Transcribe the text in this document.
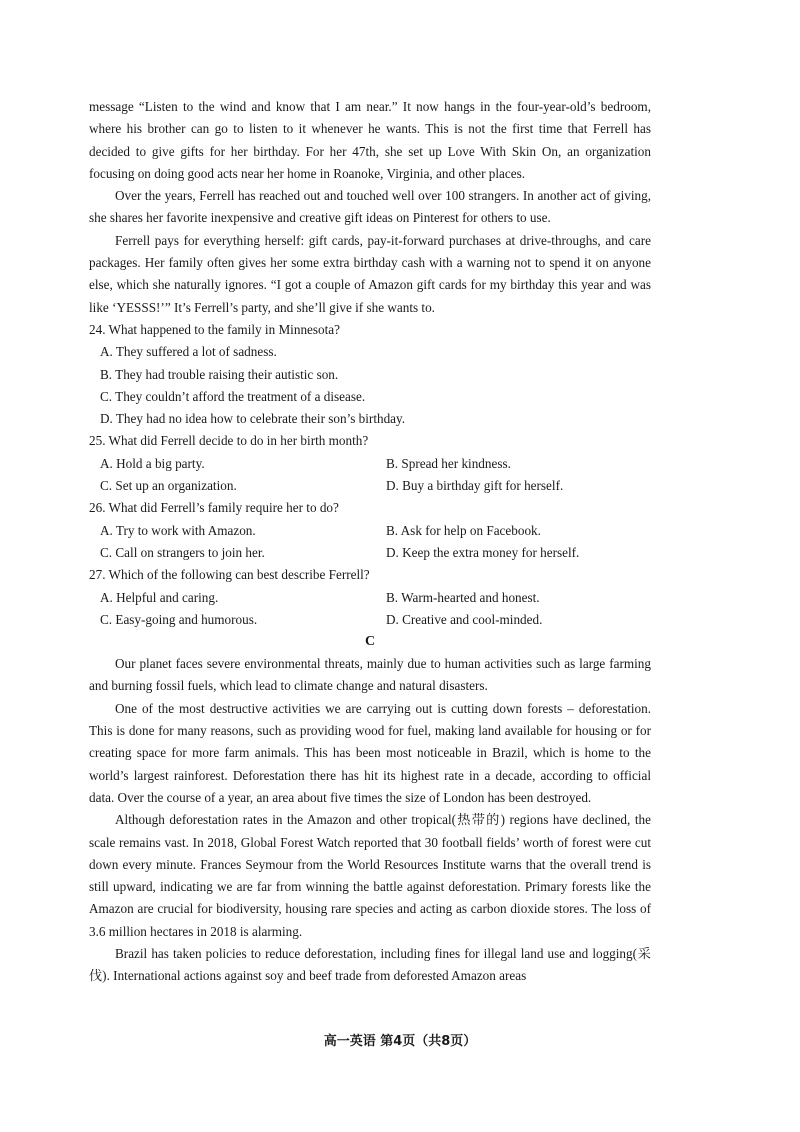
message “Listen to the wind and know that I am near.” It now hangs in the four-year-old’s bedroom, where his brother can go to listen to it whenever he wants. This is not the first time that Ferrell has decided to give gifts for her birthday. For her 47th, she set up Love With Skin On, an organization focusing on doing good acts near her home in Roanoke, Virginia, and other places.

Over the years, Ferrell has reached out and touched well over 100 strangers. In another act of giving, she shares her favorite inexpensive and creative gift ideas on Pinterest for others to use.

Ferrell pays for everything herself: gift cards, pay-it-forward purchases at drive-throughs, and care packages. Her family often gives her some extra birthday cash with a warning not to spend it on anyone else, which she naturally ignores. “I got a couple of Amazon gift cards for my birthday this year and was like ‘YESSS!’” It’s Ferrell’s party, and she’ll give if she wants to.

24. What happened to the family in Minnesota?

A. They suffered a lot of sadness.
B. They had trouble raising their autistic son.
C. They couldn’t afford the treatment of a disease.
D. They had no idea how to celebrate their son’s birthday.

25. What did Ferrell decide to do in her birth month?

A. Hold a big party.	B. Spread her kindness.
C. Set up an organization.	D. Buy a birthday gift for herself.

26. What did Ferrell’s family require her to do?

A. Try to work with Amazon.	B. Ask for help on Facebook.
C. Call on strangers to join her.	D. Keep the extra money for herself.

27. Which of the following can best describe Ferrell?

A. Helpful and caring.	B. Warm-hearted and honest.
C. Easy-going and humorous.	D. Creative and cool-minded.

C

Our planet faces severe environmental threats, mainly due to human activities such as large farming and burning fossil fuels, which lead to climate change and natural disasters.

One of the most destructive activities we are carrying out is cutting down forests – deforestation. This is done for many reasons, such as providing wood for fuel, making land available for housing or for creating space for more farm animals. This has been most noticeable in Brazil, which is home to the world’s largest rainforest. Deforestation there has hit its highest rate in a decade, according to official data. Over the course of a year, an area about five times the size of London has been destroyed.

Although deforestation rates in the Amazon and other tropical(热带的) regions have declined, the scale remains vast. In 2018, Global Forest Watch reported that 30 football fields’ worth of forest were cut down every minute. Frances Seymour from the World Resources Institute warns that the overall trend is still upward, indicating we are far from winning the battle against deforestation. Primary forests like the Amazon are crucial for biodiversity, housing rare species and acting as carbon dioxide stores. The loss of 3.6 million hectares in 2018 is alarming.

Brazil has taken policies to reduce deforestation, including fines for illegal land use and logging(采伐). International actions against soy and beef trade from deforested Amazon areas

高一英语 第4页（共8页）
